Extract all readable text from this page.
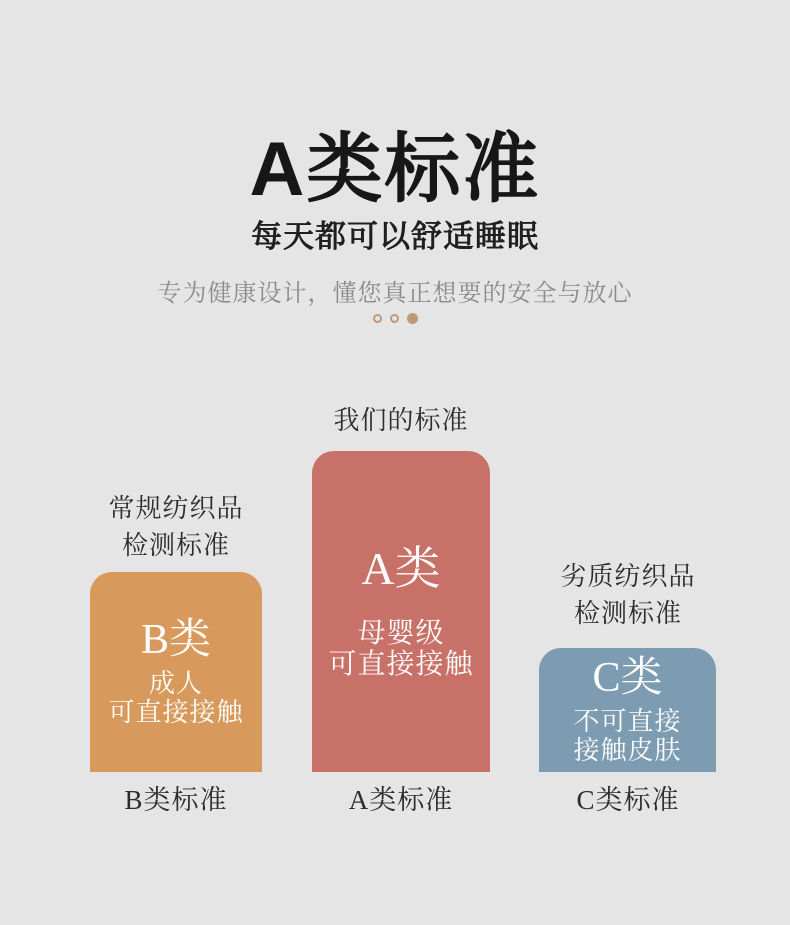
A类标准
每天都可以舒适睡眠
专为健康设计，懂您真正想要的安全与放心
常规纺织品
检测标准
我们的标准
劣质纺织品
检测标准
B类
成人
可直接接触
A类
母婴级
可直接接触	C类
不可直接
接触皮肤
B类标准	A类标准	C类标准
